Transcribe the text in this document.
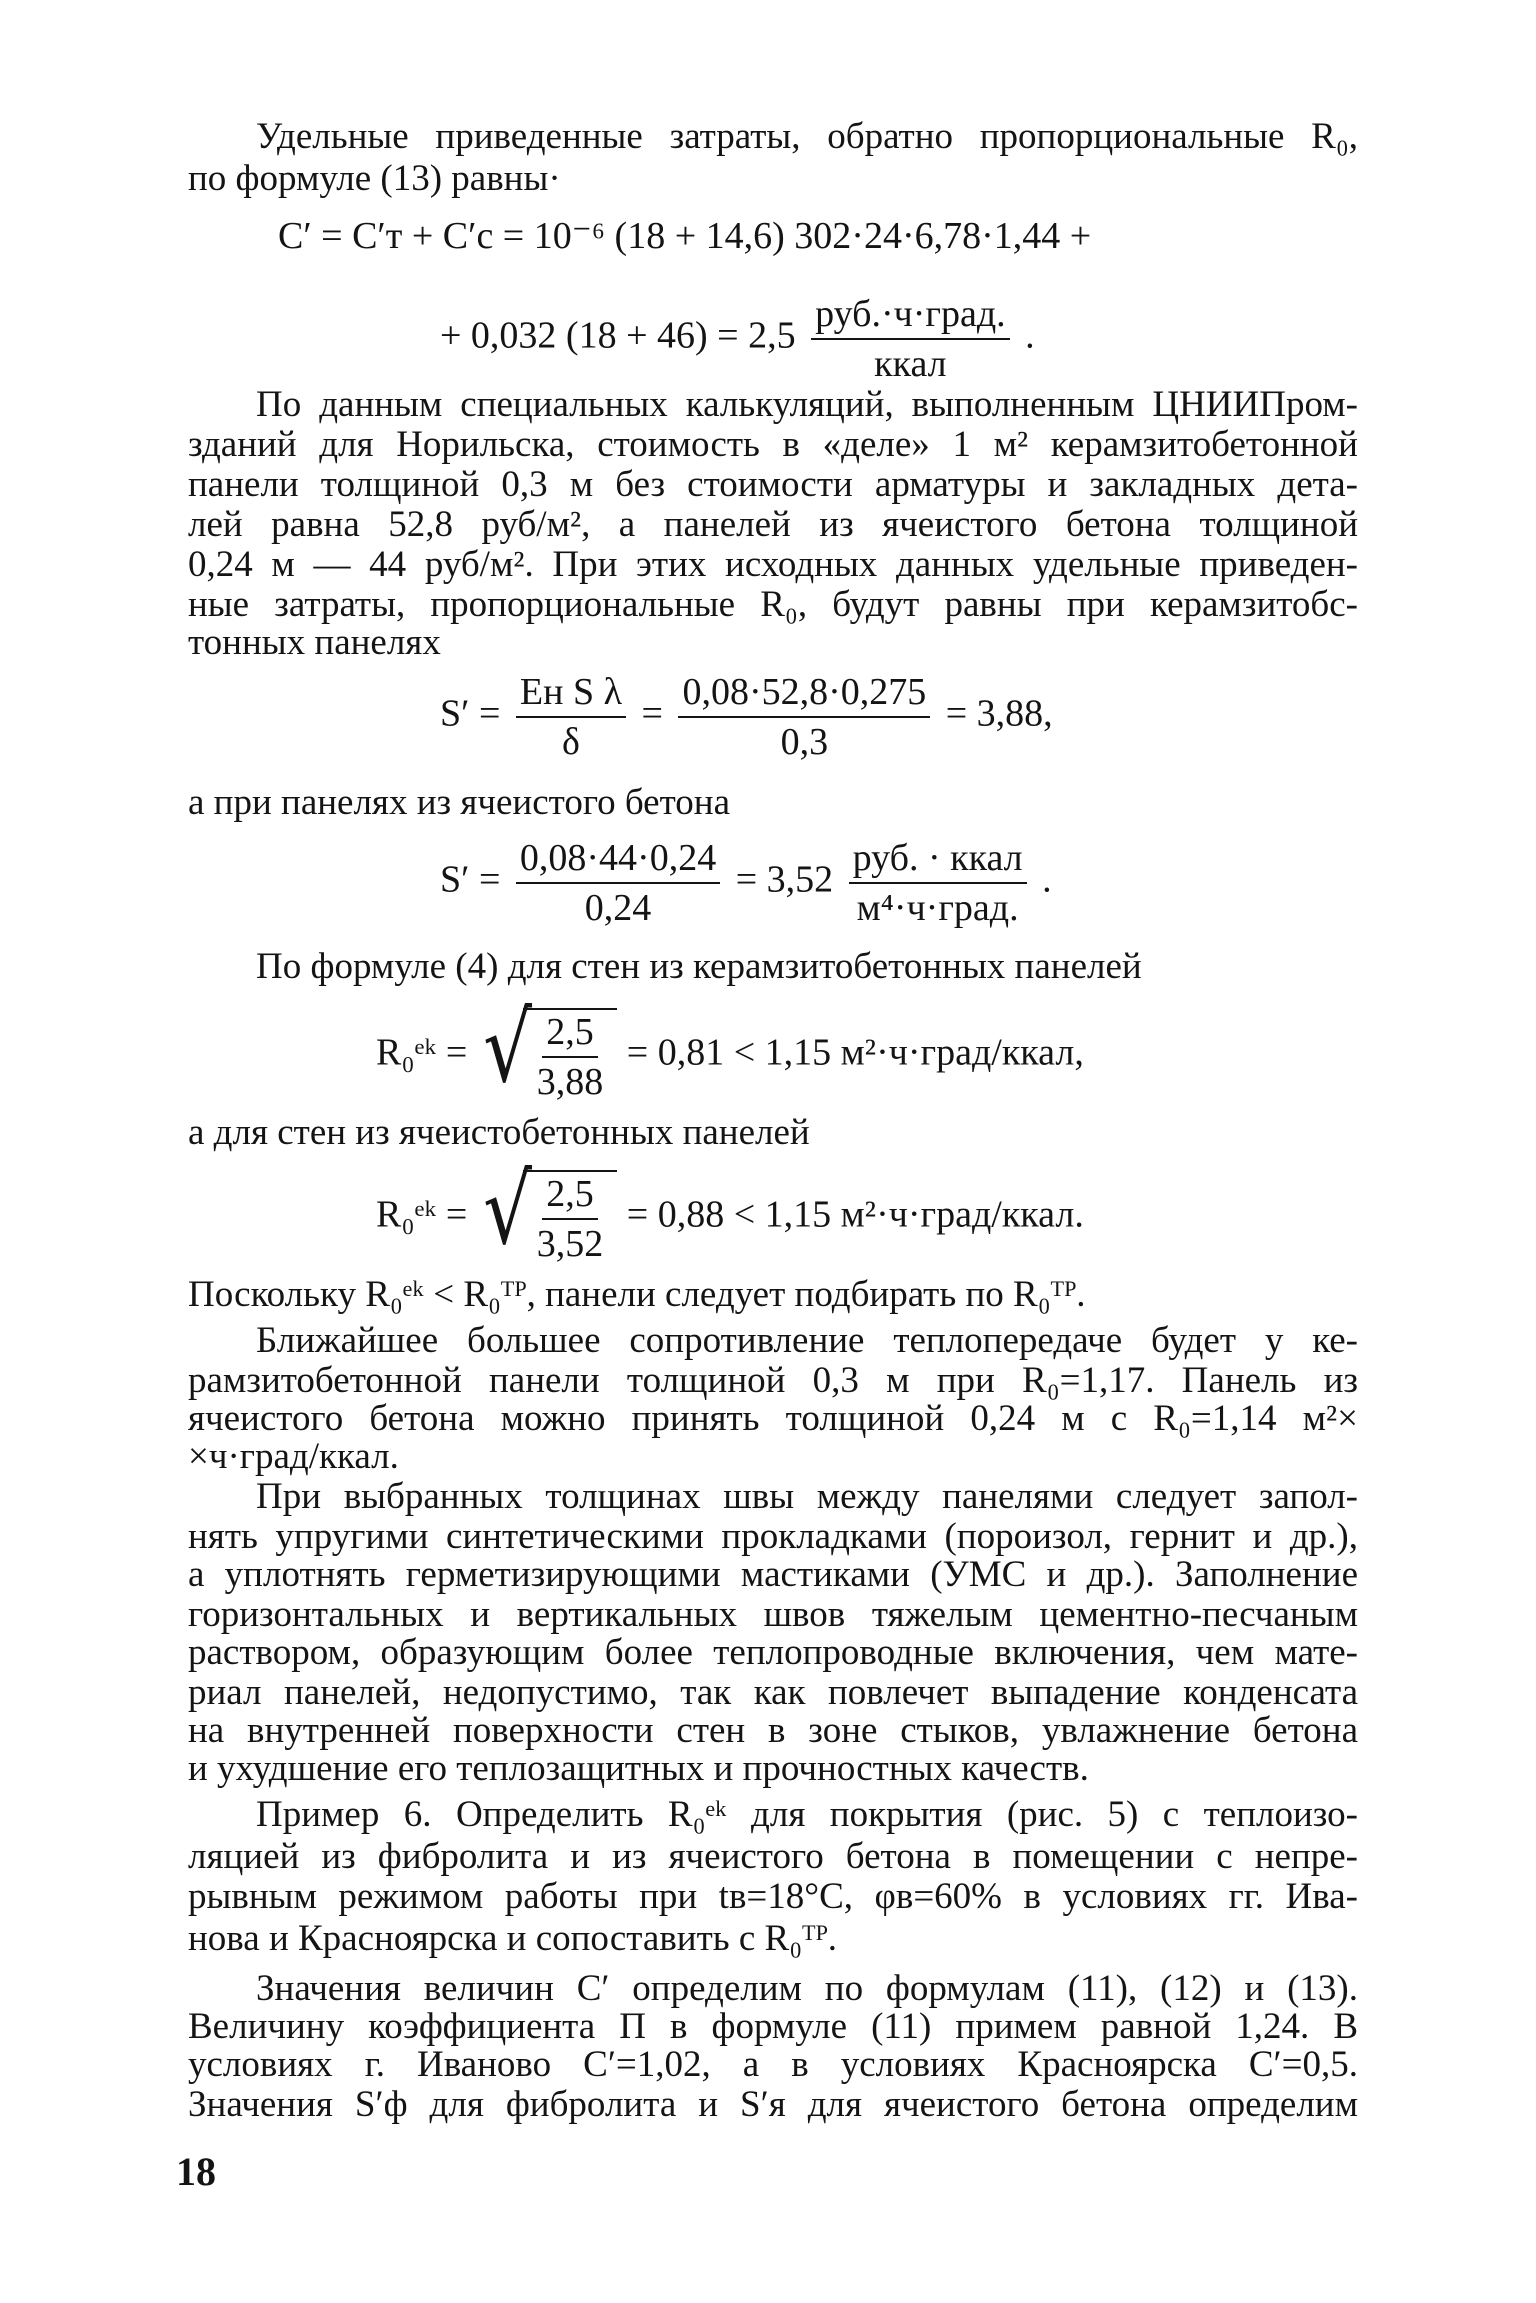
Удельные приведенные затраты, обратно пропорциональные R₀,
по формуле (13) равны·
C′ = C′т + C′с = 10⁻⁶ (18 + 14,6) 302·24·6,78·1,44 +
+ 0,032 $(18 + 46) = 2,5 \frac{\text{руб.·ч·град.}}{\text{ккал}}$ .
По данным специальных калькуляций, выполненным ЦНИИПром-
зданий для Норильска, стоимость в «деле» 1 м² керамзитобетонной
панели толщиной 0,3 м без стоимости арматуры и закладных дета-
лей равна 52,8 руб/м², а панелей из ячеистого бетона толщиной
0,24 м — 44 руб/м². При этих исходных данных удельные приведен-
ные затраты, пропорциональные R₀, будут равны при керамзитобс-
тонных панелях
$S' = \frac{\text{Eн S λ}}{\delta} = \frac{0,08\cdot 52,8\cdot 0,275}{0,3} = 3,88$,
а при панелях из ячеистого бетона
$S' = \frac{0,08\cdot 44\cdot 0,24}{0,24} = 3,52 \frac{\text{руб. · ккал}}{\text{м⁴·ч·град.}}$ .
По формуле (4) для стен из керамзитобетонных панелей
R₀ᵉᵏ = √ $\frac{2,5}{3,88} = 0,81 < 1,15$ м²·ч·град/ккал,
а для стен из ячеистобетонных панелей
R₀ᵉᵏ = √ $\frac{2,5}{3,52} = 0,88 < 1,15$ м²·ч·град/ккал.
Поскольку R₀ᵉᵏ < R₀ᵀᴾ, панели следует подбирать по R₀ᵀᴾ.
Ближайшее большее сопротивление теплопередаче будет у ке-
рамзитобетонной панели толщиной 0,3 м при R₀=1,17. Панель из
ячеистого бетона можно принять толщиной 0,24 м с R₀=1,14 м²×
×ч·град/ккал.
При выбранных толщинах швы между панелями следует запол-
нять упругими синтетическими прокладками (пороизол, гернит и др.),
а уплотнять герметизирующими мастиками (УМС и др.). Заполнение
горизонтальных и вертикальных швов тяжелым цементно-песчаным
раствором, образующим более теплопроводные включения, чем мате-
риал панелей, недопустимо, так как повлечет выпадение конденсата
на внутренней поверхности стен в зоне стыков, увлажнение бетона
и ухудшение его теплозащитных и прочностных качеств.
Пример 6. Определить R₀ᵉᵏ для покрытия (рис. 5) с теплоизо-
ляцией из фибролита и из ячеистого бетона в помещении с непре-
рывным режимом работы при tв=18°С, φв=60% в условиях гг. Ива-
нова и Красноярска и сопоставить с R₀ᵀᴾ.
Значения величин С′ определим по формулам (11), (12) и (13).
Величину коэффициента П в формуле (11) примем равной 1,24. В
условиях г. Иваново С′=1,02, а в условиях Красноярска С′=0,5.
Значения S′ф для фибролита и S′я для ячеистого бетона определим
18
